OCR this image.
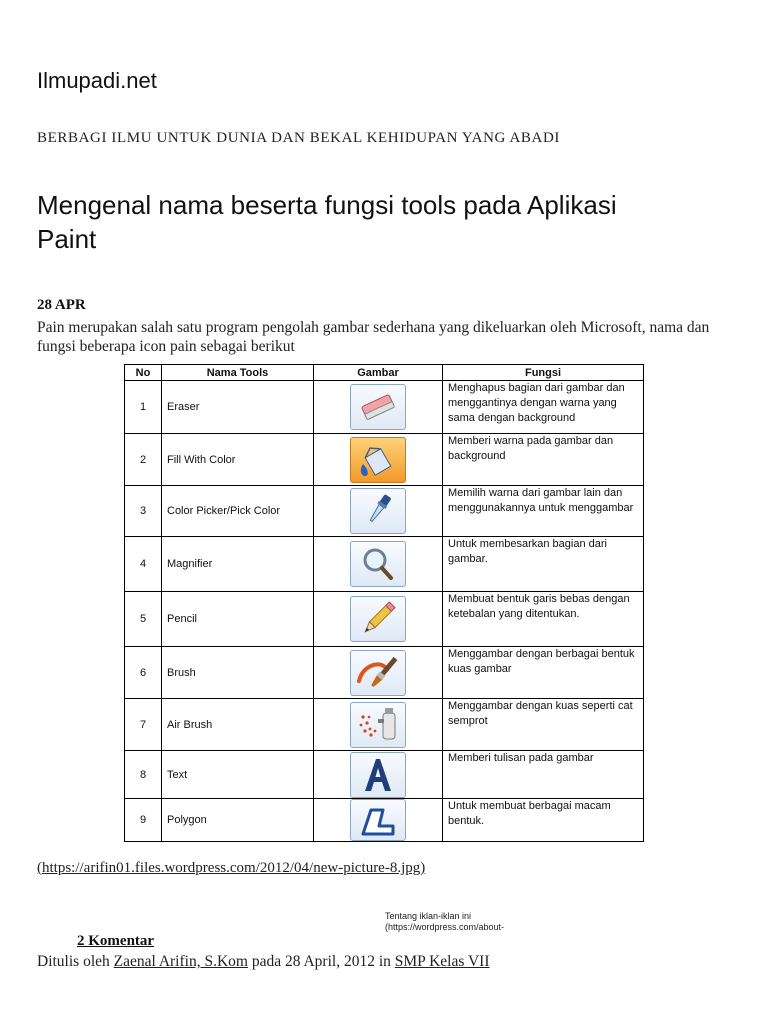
Ilmupadi.net
BERBAGI ILMU UNTUK DUNIA DAN BEKAL KEHIDUPAN YANG ABADI
Mengenal nama beserta fungsi tools pada Aplikasi Paint
28 APR
Pain merupakan salah satu program pengolah gambar sederhana yang dikeluarkan oleh Microsoft, nama dan fungsi beberapa icon pain sebagai berikut
No	Nama Tools	Gambar	Fungsi
1	Eraser		Menghapus bagian dari gambar dan menggantinya dengan warna yang sama dengan background
2	Fill With Color		Memberi warna pada gambar dan background
3	Color Picker/Pick Color		Memilih warna dari gambar lain dan menggunakannya untuk menggambar
4	Magnifier		Untuk membesarkan bagian dari gambar.
5	Pencil		Membuat bentuk garis bebas dengan ketebalan yang ditentukan.
6	Brush		Menggambar dengan berbagai bentuk kuas gambar
7	Air Brush		Menggambar dengan kuas seperti cat semprot
8	Text		Memberi tulisan pada gambar
9	Polygon		Untuk membuat berbagai macam bentuk.
(https://arifin01.files.wordpress.com/2012/04/new-picture-8.jpg)
Tentang iklan-iklan ini
(https://wordpress.com/about-
2 Komentar
Ditulis oleh Zaenal Arifin, S.Kom pada 28 April, 2012 in SMP Kelas VII
